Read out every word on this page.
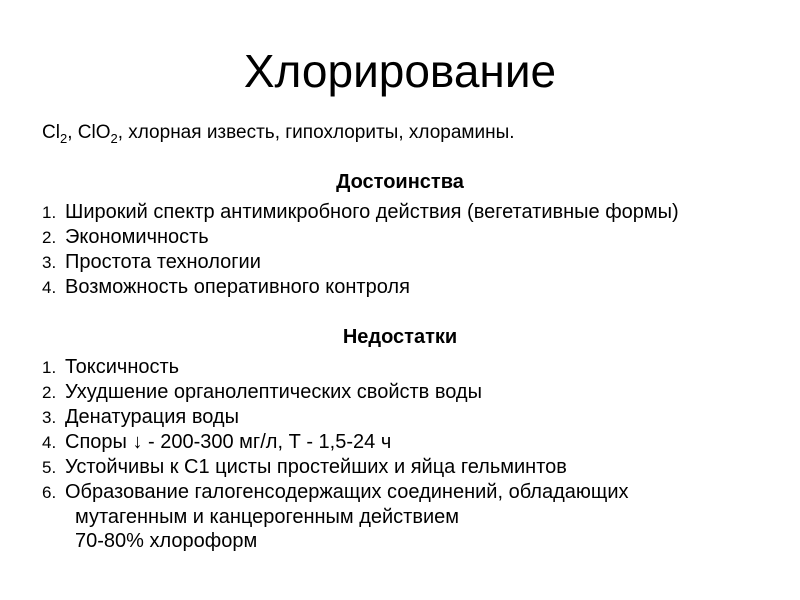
Хлорирование
$Cl_2$, ClO$_2$, хлорная известь, гипохлориты, хлорамины.
Достоинства
1. Широкий спектр антимикробного действия (вегетативные формы)
2. Экономичность
3. Простота технологии
4. Возможность оперативного контроля
Недостатки
1. Токсичность
2. Ухудшение органолептических свойств воды
3. Денатурация воды
4. Споры ↓ - 200-300 мг/л, Т - 1,5-24 ч
5. Устойчивы к С1 цисты простейших и яйца гельминтов
6. Образование галогенсодержащих соединений, обладающих
мутагенным и канцерогенным действием
70-80% хлороформ
